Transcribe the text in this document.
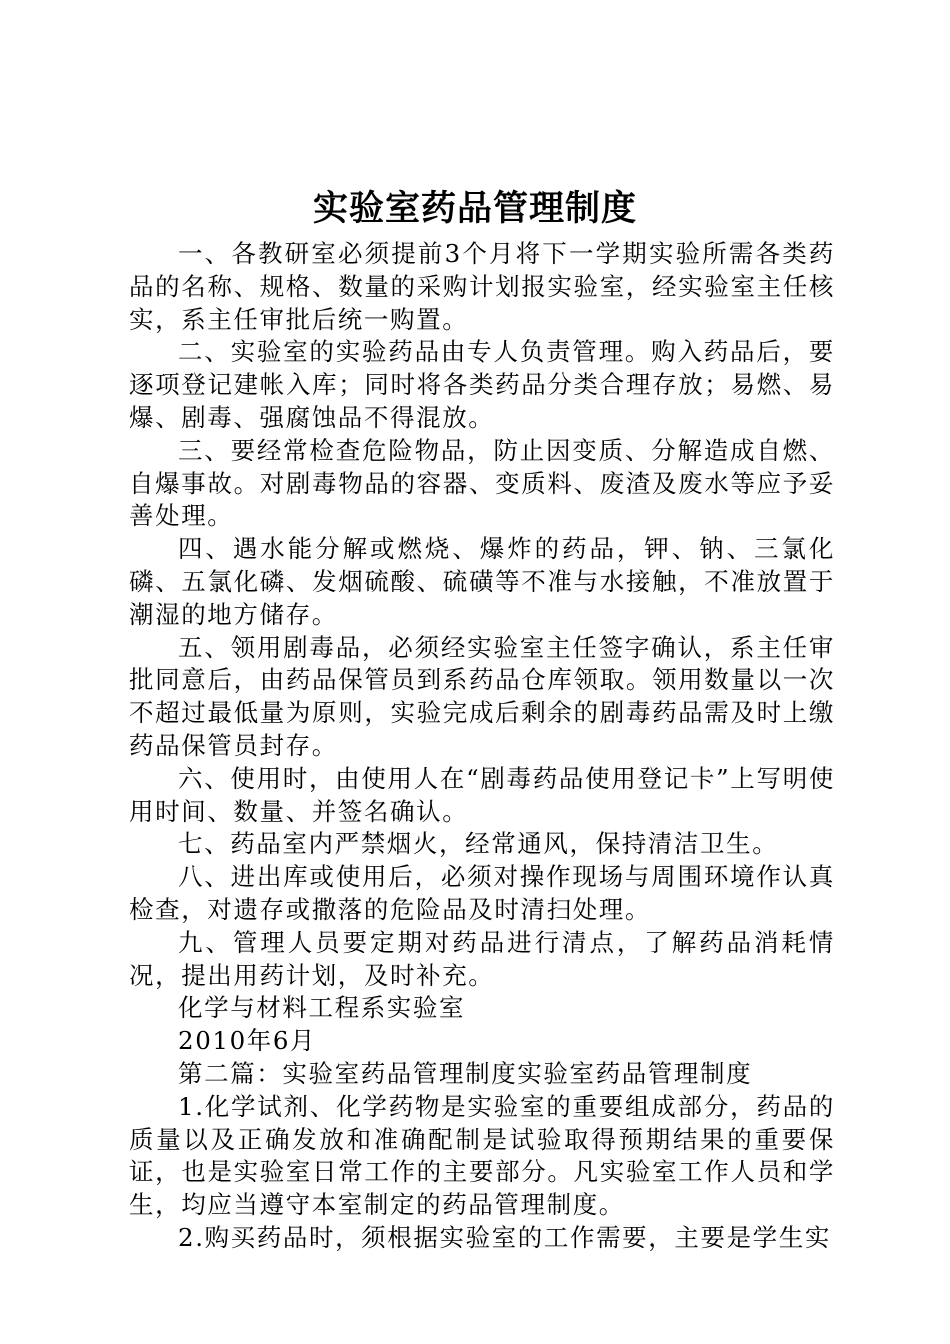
实验室药品管理制度

一、各教研室必须提前3个月将下一学期实验所需各类药品的名称、规格、数量的采购计划报实验室，经实验室主任核实，系主任审批后统一购置。

二、实验室的实验药品由专人负责管理。购入药品后，要逐项登记建帐入库；同时将各类药品分类合理存放；易燃、易爆、剧毒、强腐蚀品不得混放。

三、要经常检查危险物品，防止因变质、分解造成自燃、自爆事故。对剧毒物品的容器、变质料、废渣及废水等应予妥善处理。

四、遇水能分解或燃烧、爆炸的药品，钾、钠、三氯化磷、五氯化磷、发烟硫酸、硫磺等不准与水接触，不准放置于潮湿的地方储存。

五、领用剧毒品，必须经实验室主任签字确认，系主任审批同意后，由药品保管员到系药品仓库领取。领用数量以一次不超过最低量为原则，实验完成后剩余的剧毒药品需及时上缴药品保管员封存。

六、使用时，由使用人在“剧毒药品使用登记卡”上写明使用时间、数量、并签名确认。

七、药品室内严禁烟火，经常通风，保持清洁卫生。

八、进出库或使用后，必须对操作现场与周围环境作认真检查，对遗存或撒落的危险品及时清扫处理。

九、管理人员要定期对药品进行清点，了解药品消耗情况，提出用药计划，及时补充。

化学与材料工程系实验室

2010年6月

第二篇：实验室药品管理制度实验室药品管理制度

1.化学试剂、化学药物是实验室的重要组成部分，药品的质量以及正确发放和准确配制是试验取得预期结果的重要保证，也是实验室日常工作的主要部分。凡实验室工作人员和学生，均应当遵守本室制定的药品管理制度。

2.购买药品时，须根据实验室的工作需要，主要是学生实
